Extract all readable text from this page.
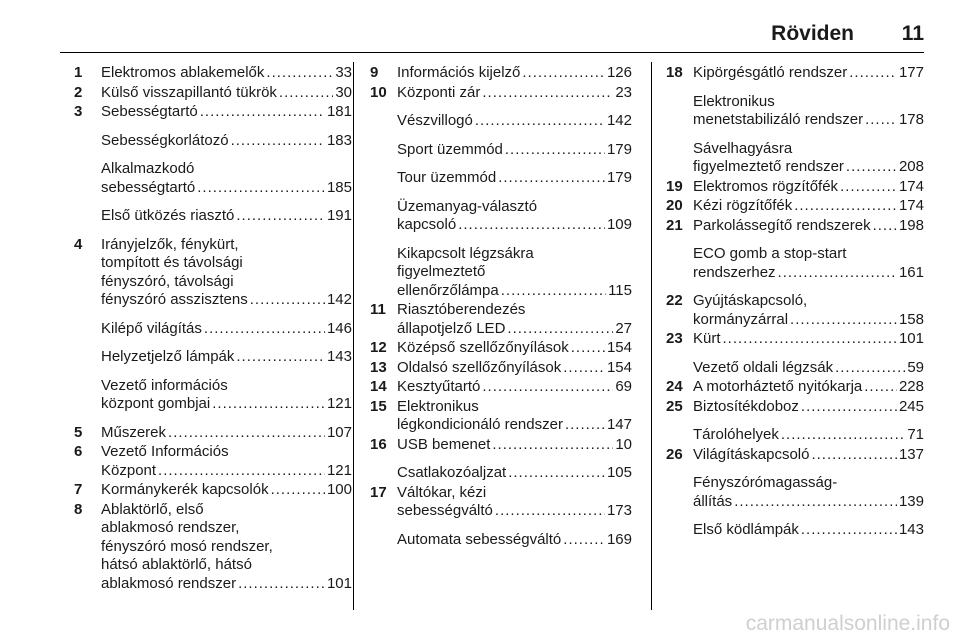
Röviden 11
1 Elektromos ablakemelők .....	33
2 Külső visszapillantó tükrök .....	30
3 Sebességtartó .....	181
Sebességkorlátozó .....	183
Alkalmazkodó
sebességtartó .....	185
Első ütközés riasztó .....	191
4 Irányjelzők, fénykürt,
tompított és távolsági
fényszóró, távolsági
fényszóró asszisztens .....	142
Kilépő világítás .....	146
Helyzetjelző lámpák .....	143
Vezető információs
központ gombjai .....	121
5 Műszerek .....	107
6 Vezető Információs
Központ .....	121
7 Kormánykerék kapcsolók .....	100
8 Ablaktörlő, első
ablakmosó rendszer,
fényszóró mosó rendszer,
hátsó ablaktörlő, hátsó
ablakmosó rendszer .....	101
9 Információs kijelző .....	126
10 Központi zár .....	23
Vészvillogó .....	142
Sport üzemmód .....	179
Tour üzemmód .....	179
Üzemanyag-választó
kapcsoló .....	109
Kikapcsolt légzsákra
figyelmeztető
ellenőrzőlámpa .....	115
11 Riasztóberendezés
állapotjelző LED .....	27
12 Középső szellőzőnyílások .....	154
13 Oldalsó szellőzőnyílások .....	154
14 Kesztyűtartó .....	69
15 Elektronikus
légkondicionáló rendszer .....	147
16 USB bemenet .....	10
Csatlakozóaljzat .....	105
17 Váltókar, kézi
sebességváltó .....	173
Automata sebességváltó .....	169
18 Kipörgésgátló rendszer .....	177
Elektronikus
menetstabilizáló rendszer ..... 178
Sávelhagyásra
figyelmeztető rendszer .....	208
19 Elektromos rögzítőfék .....	174
20 Kézi rögzítőfék .....	174
21 Parkolássegítő rendszerek ..... 198
ECO gomb a stop-start
rendszerhez .....	161
22 Gyújtáskapcsoló,
kormányzárral .....	158
23 Kürt .....	101
Vezető oldali légzsák .....	59
24 A motorháztető nyitókarja ..... 228
25 Biztosítékdoboz .....	245
Tárolóhelyek .....	71
26 Világításkapcsoló .....	137
Fényszórómagasság-
állítás .....	139
Első ködlámpák .....	143
carmanualsonline.info
